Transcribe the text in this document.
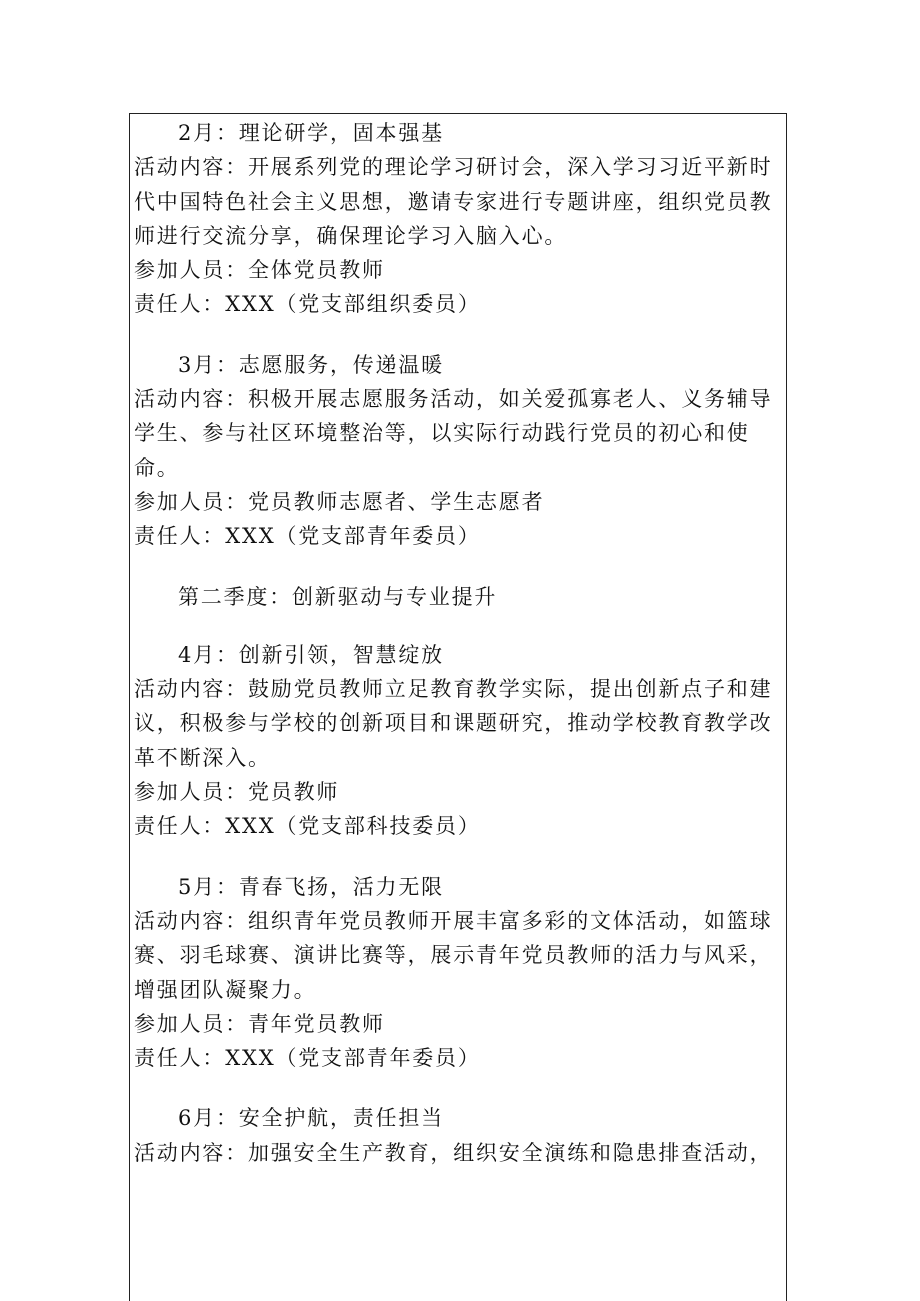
2月：理论研学，固本强基
活动内容：开展系列党的理论学习研讨会，深入学习习近平新时
代中国特色社会主义思想，邀请专家进行专题讲座，组织党员教
师进行交流分享，确保理论学习入脑入心。
参加人员：全体党员教师
责任人：XXX（党支部组织委员）
3月：志愿服务，传递温暖
活动内容：积极开展志愿服务活动，如关爱孤寡老人、义务辅导
学生、参与社区环境整治等，以实际行动践行党员的初心和使
命。
参加人员：党员教师志愿者、学生志愿者
责任人：XXX（党支部青年委员）
第二季度：创新驱动与专业提升
4月：创新引领，智慧绽放
活动内容：鼓励党员教师立足教育教学实际，提出创新点子和建
议，积极参与学校的创新项目和课题研究，推动学校教育教学改
革不断深入。
参加人员：党员教师
责任人：XXX（党支部科技委员）
5月：青春飞扬，活力无限
活动内容：组织青年党员教师开展丰富多彩的文体活动，如篮球
赛、羽毛球赛、演讲比赛等，展示青年党员教师的活力与风采，
增强团队凝聚力。
参加人员：青年党员教师
责任人：XXX（党支部青年委员）
6月：安全护航，责任担当
活动内容：加强安全生产教育，组织安全演练和隐患排查活动，
